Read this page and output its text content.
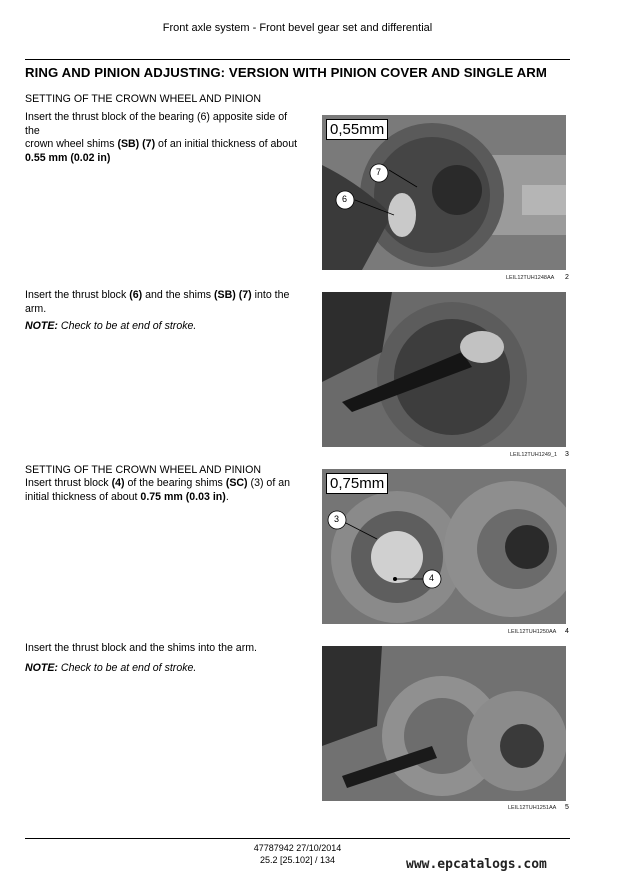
Front axle system - Front bevel gear set and differential
RING AND PINION ADJUSTING: VERSION WITH PINION COVER AND SINGLE ARM
SETTING OF THE CROWN WHEEL AND PINION
Insert the thrust block of the bearing (6) apposite side of the
crown wheel shims (SB) (7) of an initial thickness of about
0.55 mm (0.02 in)
0,55mm
7
6
LEIL12TUH1248AA 2
Insert the thrust block (6) and the shims (SB) (7) into the
arm.
NOTE: Check to be at end of stroke.
LEIL12TUH1249_1 3
SETTING OF THE CROWN WHEEL AND PINION
Insert thrust block (4) of the bearing shims (SC) (3) of an
initial thickness of about 0.75 mm (0.03 in).
0,75mm
3
4
LEIL12TUH1250AA 4
Insert the thrust block and the shims into the arm.
NOTE: Check to be at end of stroke.
LEIL12TUH1251AA 5
47787942 27/10/2014
25.2 [25.102] / 134	www.epcatalogs.com
